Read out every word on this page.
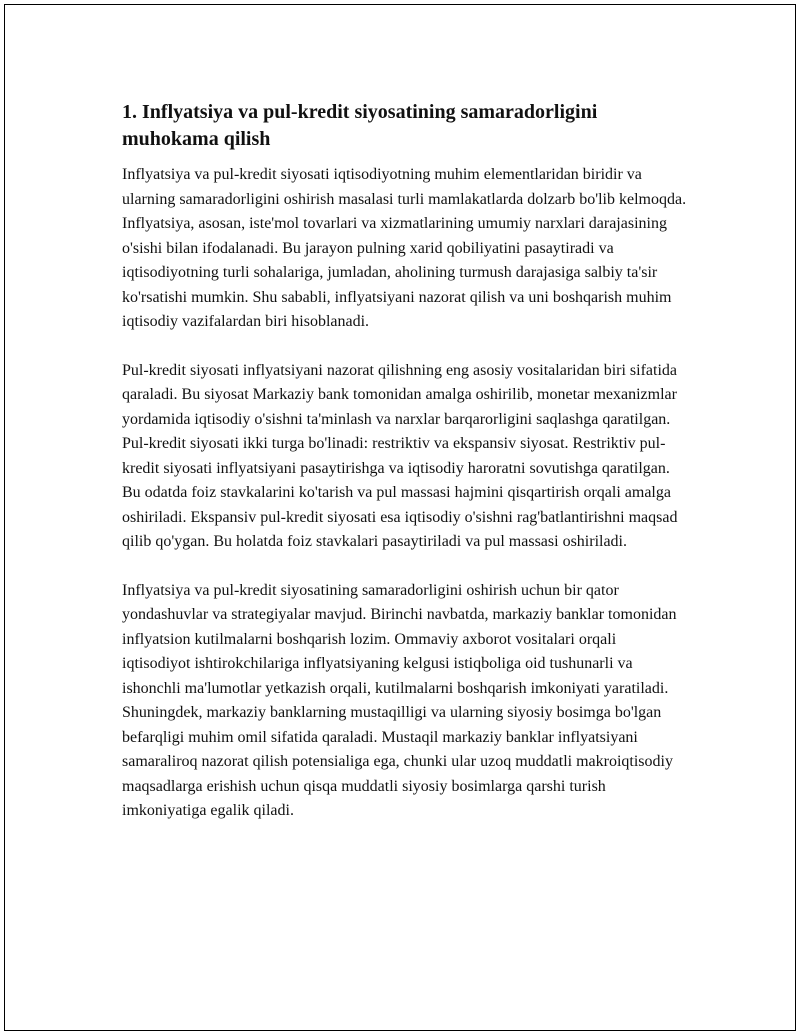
1. Inflyatsiya va pul-kredit siyosatining samaradorligini muhokama qilish

Inflyatsiya va pul-kredit siyosati iqtisodiyotning muhim elementlaridan biridir va ularning samaradorligini oshirish masalasi turli mamlakatlarda dolzarb bo'lib kelmoqda. Inflyatsiya, asosan, iste'mol tovarlari va xizmatlarining umumiy narxlari darajasining o'sishi bilan ifodalanadi. Bu jarayon pulning xarid qobiliyatini pasaytiradi va iqtisodiyotning turli sohalariga, jumladan, aholining turmush darajasiga salbiy ta'sir ko'rsatishi mumkin. Shu sababli, inflyatsiyani nazorat qilish va uni boshqarish muhim iqtisodiy vazifalardan biri hisoblanadi.

Pul-kredit siyosati inflyatsiyani nazorat qilishning eng asosiy vositalaridan biri sifatida qaraladi. Bu siyosat Markaziy bank tomonidan amalga oshirilib, monetar mexanizmlar yordamida iqtisodiy o'sishni ta'minlash va narxlar barqarorligini saqlashga qaratilgan. Pul-kredit siyosati ikki turga bo'linadi: restriktiv va ekspansiv siyosat. Restriktiv pul-kredit siyosati inflyatsiyani pasaytirishga va iqtisodiy haroratni sovutishga qaratilgan. Bu odatda foiz stavkalarini ko'tarish va pul massasi hajmini qisqartirish orqali amalga oshiriladi. Ekspansiv pul-kredit siyosati esa iqtisodiy o'sishni rag'batlantirishni maqsad qilib qo'ygan. Bu holatda foiz stavkalari pasaytiriladi va pul massasi oshiriladi.

Inflyatsiya va pul-kredit siyosatining samaradorligini oshirish uchun bir qator yondashuvlar va strategiyalar mavjud. Birinchi navbatda, markaziy banklar tomonidan inflyatsion kutilmalarni boshqarish lozim. Ommaviy axborot vositalari orqali iqtisodiyot ishtirokchilariga inflyatsiyaning kelgusi istiqboliga oid tushunarli va ishonchli ma'lumotlar yetkazish orqali, kutilmalarni boshqarish imkoniyati yaratiladi. Shuningdek, markaziy banklarning mustaqilligi va ularning siyosiy bosimga bo'lgan befarqligi muhim omil sifatida qaraladi. Mustaqil markaziy banklar inflyatsiyani samaraliroq nazorat qilish potensialiga ega, chunki ular uzoq muddatli makroiqtisodiy maqsadlarga erishish uchun qisqa muddatli siyosiy bosimlarga qarshi turish imkoniyatiga egalik qiladi.
